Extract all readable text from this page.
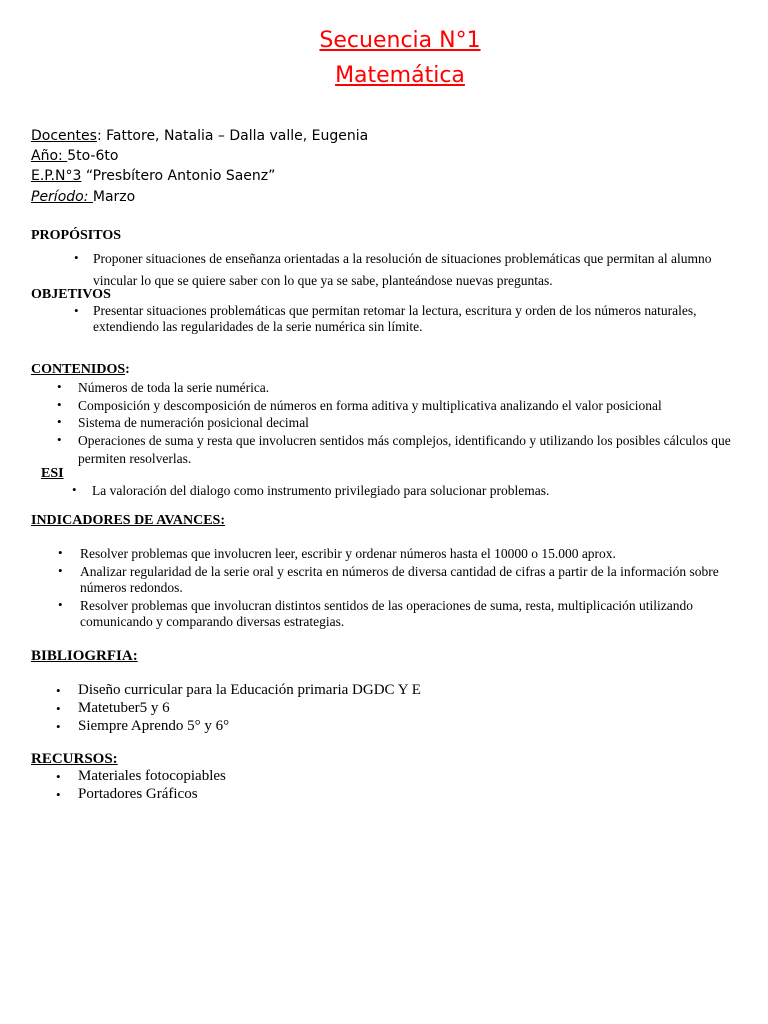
Secuencia N°1
Matemática
Docentes: Fattore, Natalia – Dalla valle, Eugenia
Año: 5to-6to
E.P.N°3 “Presbítero Antonio Saenz”
Período: Marzo
PROPÓSITOS
• Proponer situaciones de enseñanza orientadas a la resolución de situaciones problemáticas que permitan al alumno
vincular lo que se quiere saber con lo que ya se sabe, planteándose nuevas preguntas.
OBJETIVOS
• Presentar situaciones problemáticas que permitan retomar la lectura, escritura y orden de los números naturales,
extendiendo las regularidades de la serie numérica sin límite.
CONTENIDOS:
• Números de toda la serie numérica.
• Composición y descomposición de números en forma aditiva y multiplicativa analizando el valor posicional
• Sistema de numeración posicional decimal
• Operaciones de suma y resta que involucren sentidos más complejos, identificando y utilizando los posibles cálculos que
permiten resolverlas.
ESI
• La valoración del dialogo como instrumento privilegiado para solucionar problemas.
INDICADORES DE AVANCES:
• Resolver problemas que involucren leer, escribir y ordenar números hasta el 10000 o 15.000 aprox.
• Analizar regularidad de la serie oral y escrita en números de diversa cantidad de cifras a partir de la información sobre
números redondos.
• Resolver problemas que involucran distintos sentidos de las operaciones de suma, resta, multiplicación utilizando
comunicando y comparando diversas estrategias.
BIBLIOGRFIA:
• Diseño curricular para la Educación primaria DGDC Y E
• Matetuber5 y 6
• Siempre Aprendo 5° y 6°
RECURSOS:
• Materiales fotocopiables
• Portadores Gráficos
